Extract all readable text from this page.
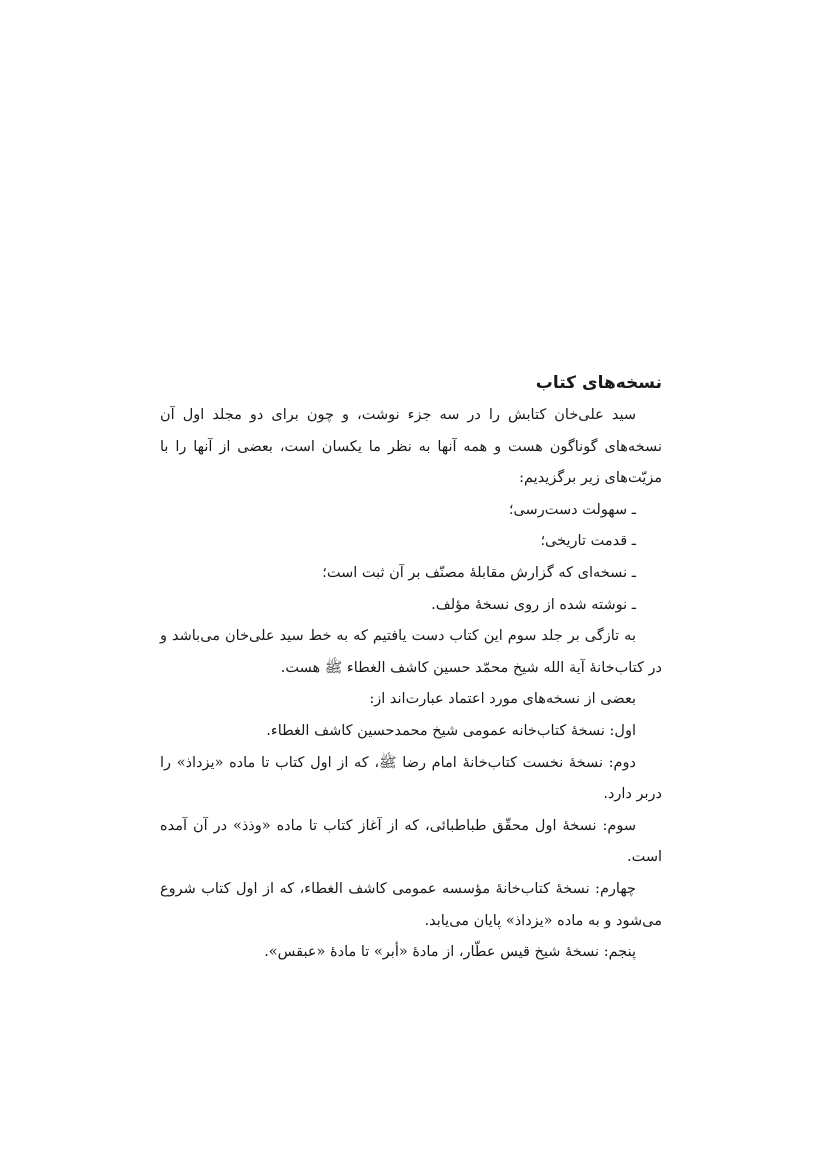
نسخه‌های کتاب

سید علی‌خان کتابش را در سه جزء نوشت، و چون برای دو مجلد اول آن نسخه‌های گوناگون هست و همه آنها به نظر ما یکسان است، بعضی از آنها را با مزیّت‌های زیر برگزیدیم:

ـ سهولت دست‌رسی؛

ـ قدمت تاریخی؛

ـ نسخه‌ای که گزارش مقابلهٔ مصنّف بر آن ثبت است؛

ـ نوشته شده از روی نسخهٔ مؤلف.

به تازگی بر جلد سوم این کتاب دست یافتیم که به خط سید علی‌خان می‌باشد و در کتاب‌خانهٔ آیة الله شیخ محمّد حسین کاشف الغطاء ﷺ هست.

بعضی از نسخه‌های مورد اعتماد عبارت‌اند از:

اول: نسخهٔ کتاب‌خانه عمومی شیخ محمدحسین کاشف الغطاء.

دوم: نسخهٔ نخست کتاب‌خانهٔ امام رضا ﷺ، که از اول کتاب تا ماده «یزداذ» را دربر دارد.

سوم: نسخهٔ اول محقّق طباطبائی، که از آغاز کتاب تا ماده «وذذ» در آن آمده است.

چهارم: نسخهٔ کتاب‌خانهٔ مؤسسه عمومی کاشف الغطاء، که از اول کتاب شروع می‌شود و به ماده «یزداذ» پایان می‌یابد.

پنجم: نسخهٔ شیخ قیس عطّار، از مادهٔ «أبر» تا مادهٔ «عبقس».
